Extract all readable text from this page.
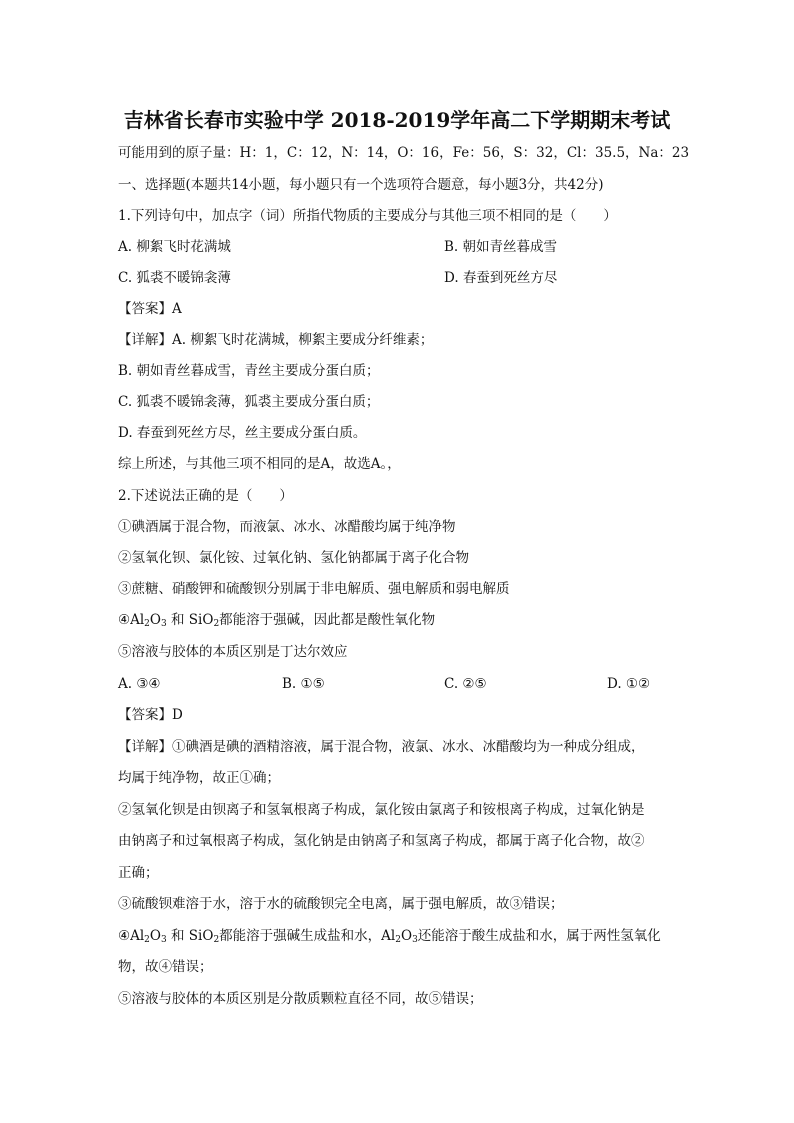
吉林省长春市实验中学 2018-2019学年高二下学期期末考试
可能用到的原子量：H：1，C：12，N：14，O：16，Fe：56，S：32，Cl：35.5，Na：23
一、选择题(本题共14小题，每小题只有一个选项符合题意，每小题3分，共42分)
1.下列诗句中，加点字（词）所指代物质的主要成分与其他三项不相同的是（　　）
A. 柳絮飞时花满城	B. 朝如青丝暮成雪
C. 狐裘不暖锦衾薄	D. 春蚕到死丝方尽
【答案】A
【详解】A. 柳絮飞时花满城，柳絮主要成分纤维素；
B. 朝如青丝暮成雪，青丝主要成分蛋白质；
C. 狐裘不暖锦衾薄，狐裘主要成分蛋白质；
D. 春蚕到死丝方尽，丝主要成分蛋白质。
综上所述，与其他三项不相同的是A，故选A。，
2.下述说法正确的是（　　）
①碘酒属于混合物，而液氯、冰水、冰醋酸均属于纯净物
②氢氧化钡、氯化铵、过氧化钠、氢化钠都属于离子化合物
③蔗糖、硝酸钾和硫酸钡分别属于非电解质、强电解质和弱电解质
$④Al_2O_3$ 和 SiO$_2$都能溶于强碱，因此都是酸性氧化物
⑤溶液与胶体的本质区别是丁达尔效应
A. ③④	B. ①⑤	C. ②⑤	D. ①②
【答案】D
【详解】①碘酒是碘的酒精溶液，属于混合物，液氯、冰水、冰醋酸均为一种成分组成，
均属于纯净物，故正①确；
②氢氧化钡是由钡离子和氢氧根离子构成，氯化铵由氯离子和铵根离子构成，过氧化钠是
由钠离子和过氧根离子构成，氢化钠是由钠离子和氢离子构成，都属于离子化合物，故②
正确；
③硫酸钡难溶于水，溶于水的硫酸钡完全电离，属于强电解质，故③错误；
$④Al_2O_3$ 和 SiO$_2$都能溶于强碱生成盐和水，$Al_2O_3$还能溶于酸生成盐和水，属于两性氢氧化
物，故④错误；
⑤溶液与胶体的本质区别是分散质颗粒直径不同，故⑤错误；
